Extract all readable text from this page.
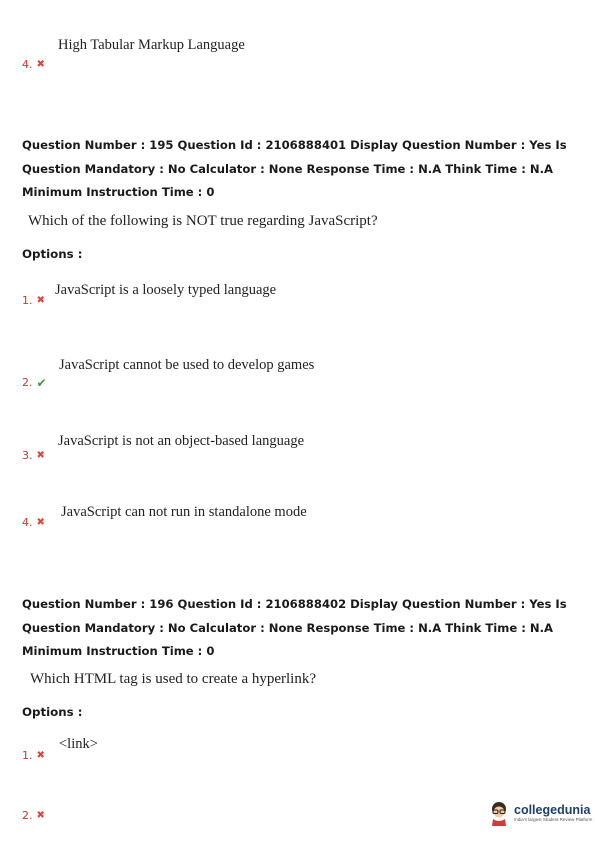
High Tabular Markup Language
4. ✖
Question Number : 195 Question Id : 2106888401 Display Question Number : Yes Is Question Mandatory : No Calculator : None Response Time : N.A Think Time : N.A Minimum Instruction Time : 0
Which of the following is NOT true regarding JavaScript?
Options :
JavaScript is a loosely typed language
1. ✖
JavaScript cannot be used to develop games
2. ✔
JavaScript is not an object-based language
3. ✖
JavaScript can not run in standalone mode
4. ✖
Question Number : 196 Question Id : 2106888402 Display Question Number : Yes Is Question Mandatory : No Calculator : None Response Time : N.A Think Time : N.A Minimum Instruction Time : 0
Which HTML tag is used to create a hyperlink?
Options :
<link>
1. ✖
2. ✖	collegedunia
India's largest Student Review Platform
